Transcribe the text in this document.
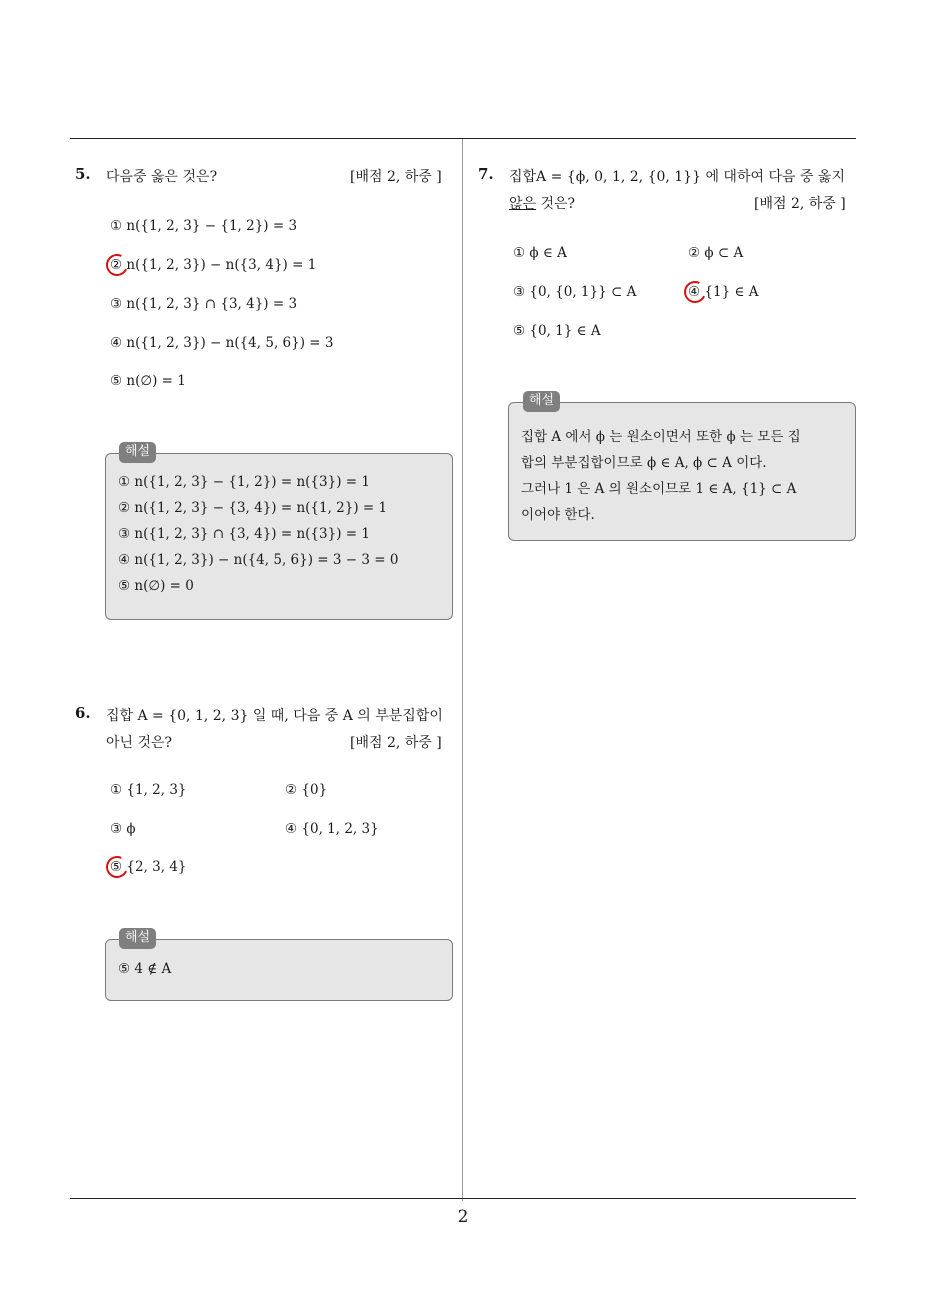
5. 다음중 옳은 것은?	[배점 2, 하중 ]
① n({1, 2, 3} − {1, 2}) = 3
② n({1, 2, 3}) − n({3, 4}) = 1
③ n({1, 2, 3} ∩ {3, 4}) = 3
④ n({1, 2, 3}) − n({4, 5, 6}) = 3
⑤ n(∅) = 1
① n({1, 2, 3} − {1, 2}) = n({3}) = 1
② n({1, 2, 3} − {3, 4}) = n({1, 2}) = 1
③ n({1, 2, 3} ∩ {3, 4}) = n({3}) = 1
④ n({1, 2, 3}) − n({4, 5, 6}) = 3 − 3 = 0
⑤ n(∅) = 0
해설
6. 집합 A = {0, 1, 2, 3} 일 때, 다음 중 A 의 부분집합이
아닌 것은?	[배점 2, 하중 ]
① {1, 2, 3}	② {0}
③ ϕ	④ {0, 1, 2, 3}
⑤ {2, 3, 4}
⑤ 4 ∉ A
해설
7. 집합A = {ϕ, 0, 1, 2, {0, 1}} 에 대하여 다음 중 옳지
않은 것은?	[배점 2, 하중 ]
① ϕ ∈ A	② ϕ ⊂ A
③ {0, {0, 1}} ⊂ A	④ {1} ∈ A
⑤ {0, 1} ∈ A
집합 A 에서 ϕ 는 원소이면서 또한 ϕ 는 모든 집
합의 부분집합이므로 ϕ ∈ A, ϕ ⊂ A 이다.
그러나 1 은 A 의 원소이므로 1 ∈ A, {1} ⊂ A
이어야 한다.
해설
2
